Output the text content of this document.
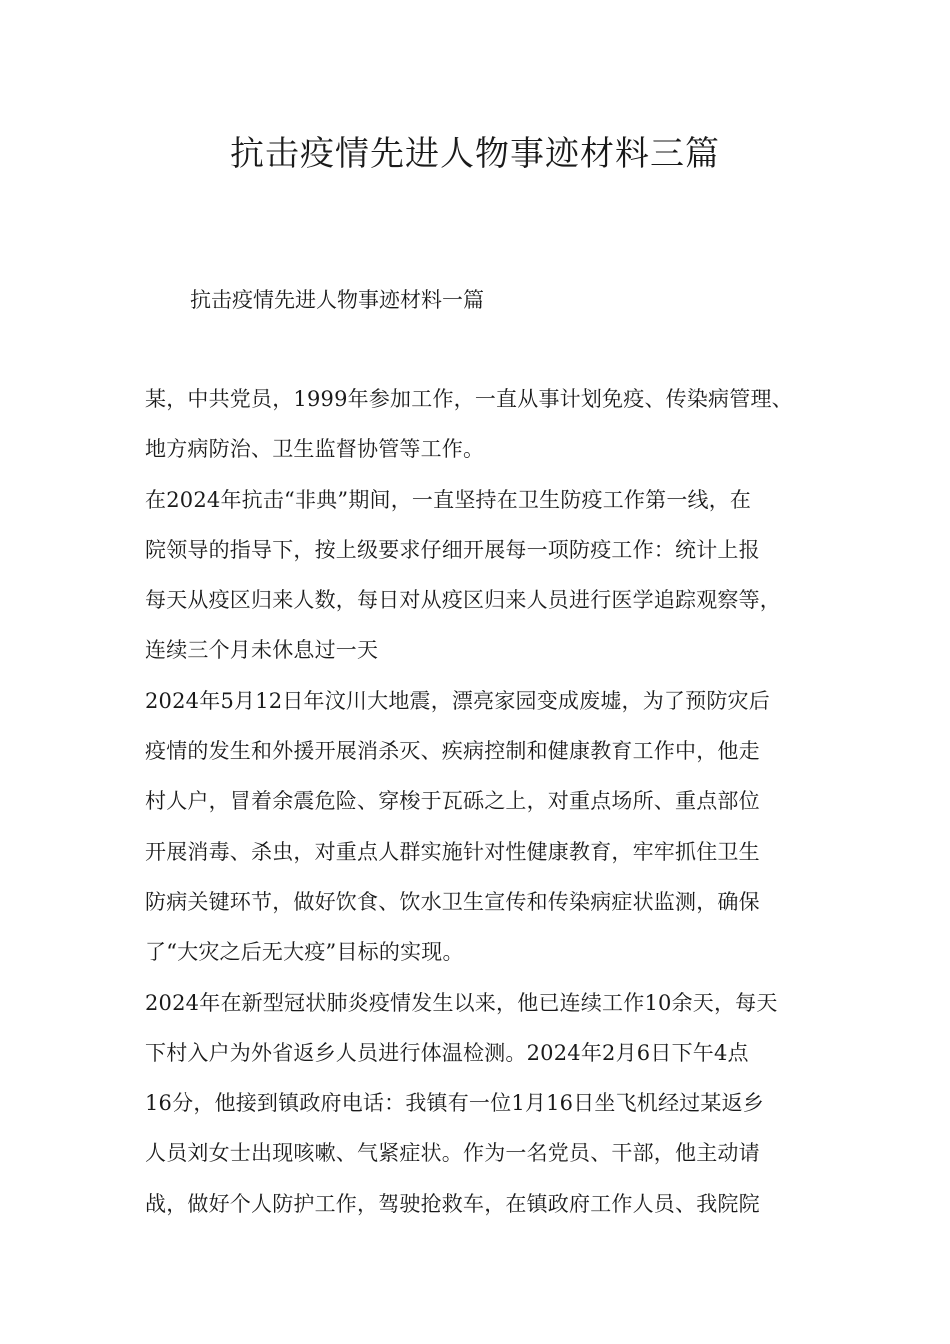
抗击疫情先进人物事迹材料三篇

抗击疫情先进人物事迹材料一篇

某，中共党员，1999年参加工作，一直从事计划免疫、传染病管理、
地方病防治、卫生监督协管等工作。
在2024年抗击“非典”期间，一直坚持在卫生防疫工作第一线，在
院领导的指导下，按上级要求仔细开展每一项防疫工作：统计上报
每天从疫区归来人数，每日对从疫区归来人员进行医学追踪观察等，
连续三个月未休息过一天
2024年5月12日年汶川大地震，漂亮家园变成废墟，为了预防灾后
疫情的发生和外援开展消杀灭、疾病控制和健康教育工作中，他走
村人户，冒着余震危险、穿梭于瓦砾之上，对重点场所、重点部位
开展消毒、杀虫，对重点人群实施针对性健康教育，牢牢抓住卫生
防病关键环节，做好饮食、饮水卫生宣传和传染病症状监测，确保
了“大灾之后无大疫”目标的实现。
2024年在新型冠状肺炎疫情发生以来，他已连续工作10余天，每天
下村入户为外省返乡人员进行体温检测。2024年2月6日下午4点
16分，他接到镇政府电话：我镇有一位1月16日坐飞机经过某返乡
人员刘女士出现咳嗽、气紧症状。作为一名党员、干部，他主动请
战，做好个人防护工作，驾驶抢救车，在镇政府工作人员、我院院
